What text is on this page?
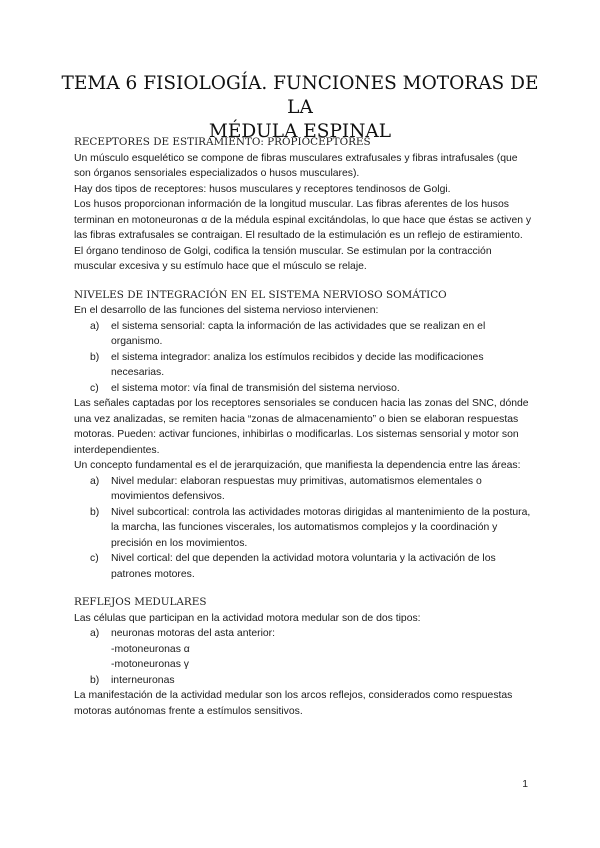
TEMA 6 FISIOLOGÍA. FUNCIONES MOTORAS DE LA
MÉDULA ESPINAL
RECEPTORES DE ESTIRAMIENTO: PROPIOCEPTORES

Un músculo esquelético se compone de fibras musculares extrafusales y fibras intrafusales (que son órganos sensoriales especializados o husos musculares).

Hay dos tipos de receptores: husos musculares y receptores tendinosos de Golgi.

Los husos proporcionan información de la longitud muscular. Las fibras aferentes de los husos terminan en motoneuronas α de la médula espinal excitándolas, lo que hace que éstas se activen y las fibras extrafusales se contraigan. El resultado de la estimulación es un reflejo de estiramiento.

El órgano tendinoso de Golgi, codifica la tensión muscular. Se estimulan por la contracción muscular excesiva y su estímulo hace que el músculo se relaje.

NIVELES DE INTEGRACIÓN EN EL SISTEMA NERVIOSO SOMÁTICO

En el desarrollo de las funciones del sistema nervioso intervienen:

a) el sistema sensorial: capta la información de las actividades que se realizan en el organismo.
b) el sistema integrador: analiza los estímulos recibidos y decide las modificaciones necesarias.
c) el sistema motor: vía final de transmisión del sistema nervioso.

Las señales captadas por los receptores sensoriales se conducen hacia las zonas del SNC, dónde una vez analizadas, se remiten hacia “zonas de almacenamiento” o bien se elaboran respuestas motoras. Pueden: activar funciones, inhibirlas o modificarlas. Los sistemas sensorial y motor son interdependientes.

Un concepto fundamental es el de jerarquización, que manifiesta la dependencia entre las áreas:

a) Nivel medular: elaboran respuestas muy primitivas, automatismos elementales o movimientos defensivos.
b) Nivel subcortical: controla las actividades motoras dirigidas al mantenimiento de la postura, la marcha, las funciones viscerales, los automatismos complejos y la coordinación y precisión en los movimientos.
c) Nivel cortical: del que dependen la actividad motora voluntaria y la activación de los patrones motores.
REFLEJOS MEDULARES

Las células que participan en la actividad motora medular son de dos tipos:

a) neuronas motoras del asta anterior:

-motoneuronas α

-motoneuronas γ

b) interneuronas

La manifestación de la actividad medular son los arcos reflejos, considerados como respuestas motoras autónomas frente a estímulos sensitivos.

1
